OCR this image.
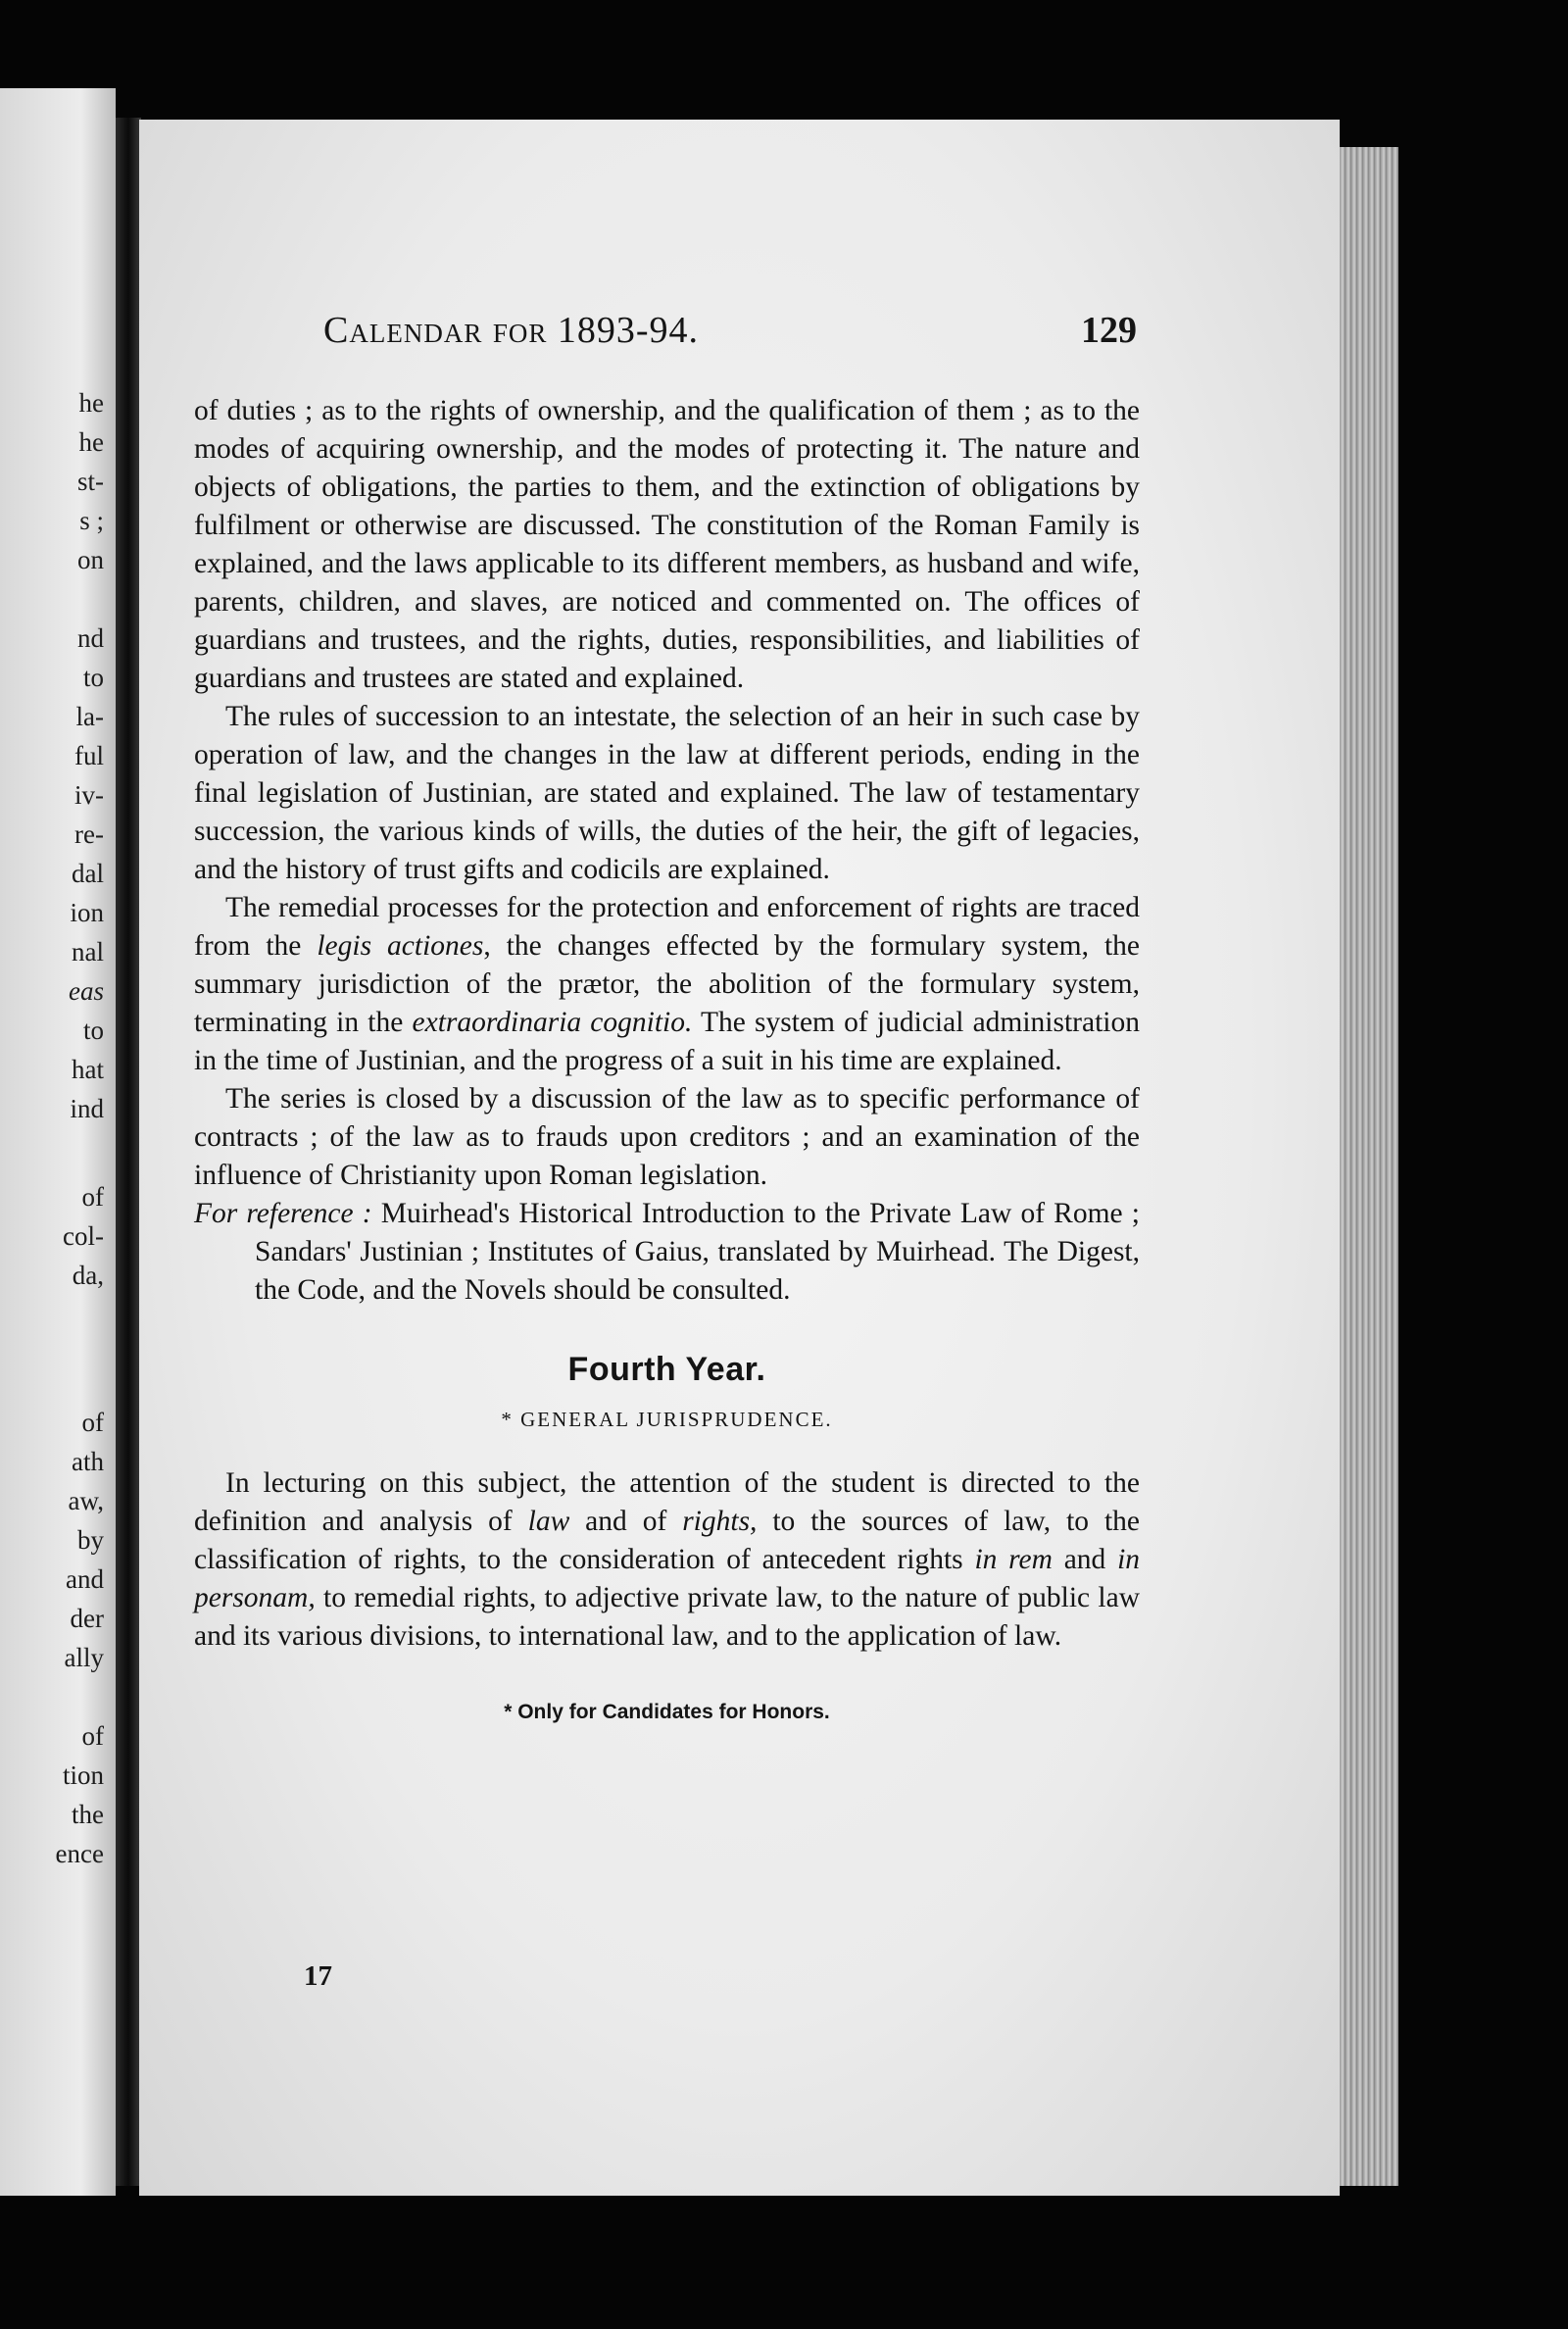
he
he
st-
s ;
on
nd
to
la-
ful
iv-
re-
dal
ion
nal
eas
to
hat
ind
of
col-
da,
of
ath
aw,
by
and
der
ally
of
tion
the
ence
Calendar for 1893-94.	129

of duties ; as to the rights of ownership, and the qualification of them ; as to the modes of acquiring ownership, and the modes of protecting it. The nature and objects of obligations, the parties to them, and the extinction of obligations by fulfilment or otherwise are discussed. The constitution of the Roman Family is explained, and the laws applicable to its different members, as husband and wife, parents, children, and slaves, are noticed and commented on. The offices of guardians and trustees, and the rights, duties, responsibilities, and liabilities of guardians and trustees are stated and explained.

The rules of succession to an intestate, the selection of an heir in such case by operation of law, and the changes in the law at different periods, ending in the final legislation of Justinian, are stated and explained. The law of testamentary succession, the various kinds of wills, the duties of the heir, the gift of legacies, and the history of trust gifts and codicils are explained.

The remedial processes for the protection and enforcement of rights are traced from the legis actiones, the changes effected by the formulary system, the summary jurisdiction of the prætor, the abolition of the formulary system, terminating in the extraordinaria cognitio. The system of judicial administration in the time of Justinian, and the progress of a suit in his time are explained.

The series is closed by a discussion of the law as to specific performance of contracts ; of the law as to frauds upon creditors ; and an examination of the influence of Christianity upon Roman legislation.

For reference : Muirhead's Historical Introduction to the Private Law of Rome ; Sandars' Justinian ; Institutes of Gaius, translated by Muirhead. The Digest, the Code, and the Novels should be consulted.

Fourth Year.
* GENERAL JURISPRUDENCE.

In lecturing on this subject, the attention of the student is directed to the definition and analysis of law and of rights, to the sources of law, to the classification of rights, to the consideration of antecedent rights in rem and in personam, to remedial rights, to adjective private law, to the nature of public law and its various divisions, to international law, and to the application of law.

* Only for Candidates for Honors.
17
